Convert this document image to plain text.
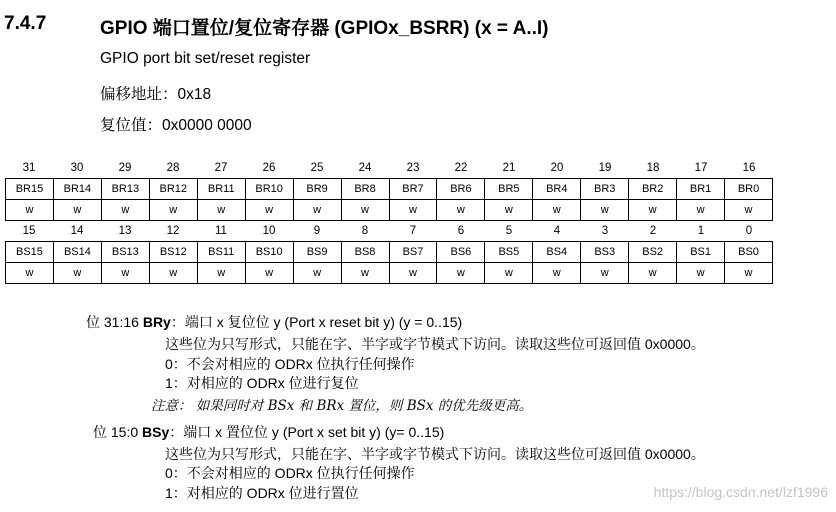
7.4.7	GPIO 端口置位/复位寄存器 (GPIOx_BSRR) (x = A..I)
GPIO port bit set/reset register
偏移地址：0x18
复位值：0x0000 0000
31	30	29	28	27	26	25	24	23	22	21	20	19	18	17	16
BR15	BR14	BR13	BR12	BR11	BR10	BR9	BR8	BR7	BR6	BR5	BR4	BR3	BR2	BR1	BR0
w	w	w	w	w	w	w	w	w	w	w	w	w	w	w	w
15	14	13	12	11	10	9	8	7	6	5	4	3	2	1	0
BS15	BS14	BS13	BS12	BS11	BS10	BS9	BS8	BS7	BS6	BS5	BS4	BS3	BS2	BS1	BS0
w	w	w	w	w	w	w	w	w	w	w	w	w	w	w	w
位 31:16 BRy：端口 x 复位位 y (Port x reset bit y) (y = 0..15)
这些位为只写形式，只能在字、半字或字节模式下访问。读取这些位可返回值 0x0000。
0：不会对相应的 ODRx 位执行任何操作
1：对相应的 ODRx 位进行复位
注意： 如果同时对 BSx 和 BRx 置位，则 BSx 的优先级更高。
位 15:0 BSy：端口 x 置位位 y (Port x set bit y) (y= 0..15)
这些位为只写形式，只能在字、半字或字节模式下访问。读取这些位可返回值 0x0000。
0：不会对相应的 ODRx 位执行任何操作
1：对相应的 ODRx 位进行置位	https://blog.csdn.net/lzf1996
